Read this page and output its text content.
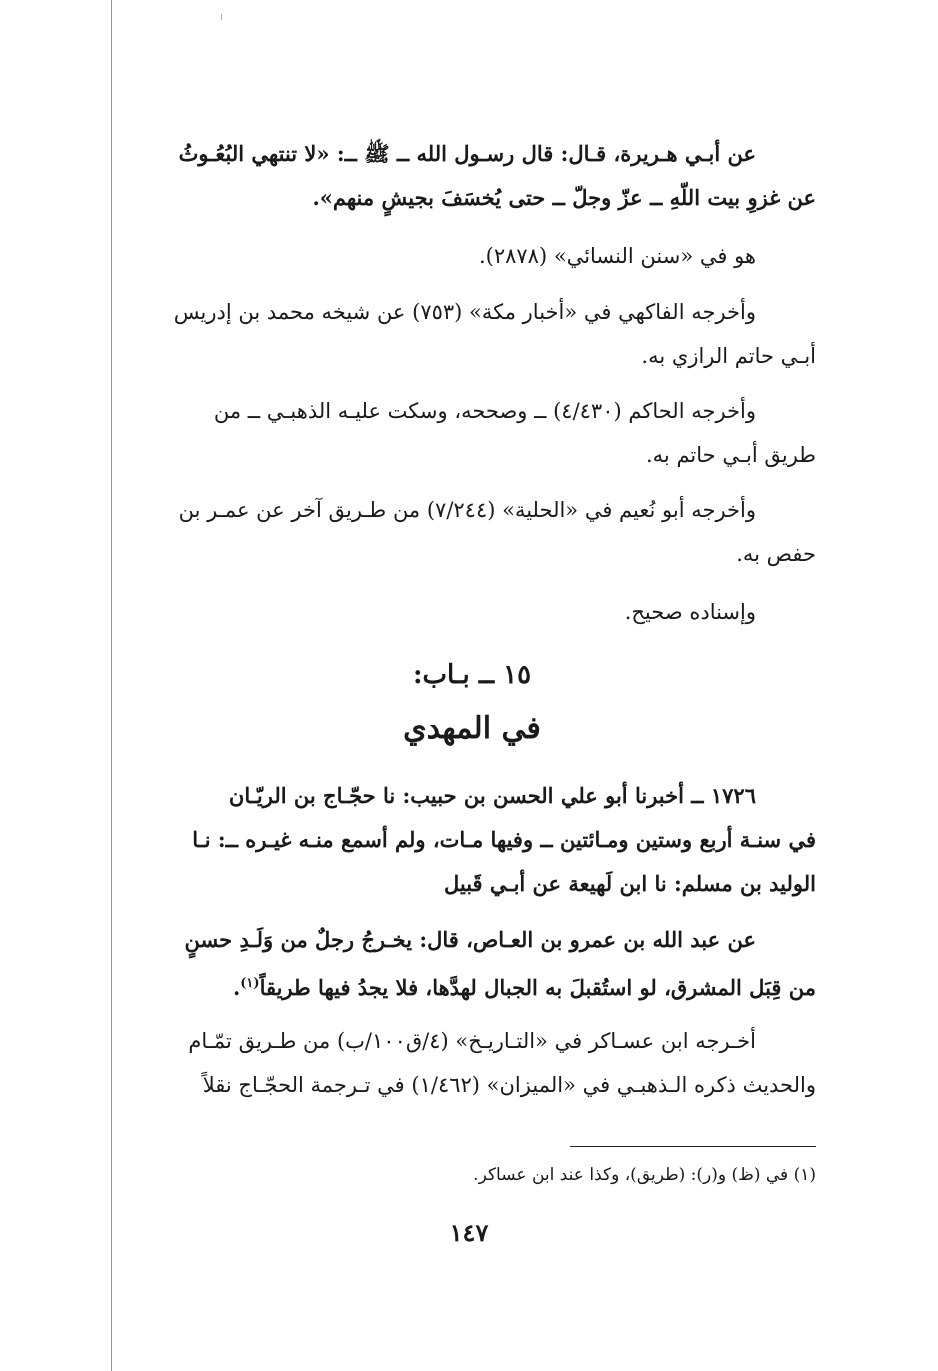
عن أبـي هـريرة، قـال: قال رسـول الله ــ ﷺ ــ: «لا تنتهي البُعُـوثُ
عن غزوِ بيت اللّهِ ــ عزّ وجلّ ــ حتى يُخسَفَ بجيشٍ منهم».
هو في «سنن النسائي» (٢٨٧٨).
وأخرجه الفاكهي في «أخبار مكة» (٧٥٣) عن شيخه محمد بن إدريس
أبـي حاتم الرازي به.
وأخرجه الحاكم (٤/٤٣٠) ــ وصححه، وسكت عليـه الذهبـي ــ من
طريق أبـي حاتم به.
وأخرجه أبو نُعيم في «الحلية» (٧/٢٤٤) من طـريق آخر عن عمـر بن
حفص به.
وإسناده صحيح.
١٥ ــ بـاب:
في المهدي
١٧٢٦ ــ أخبرنا أبو علي الحسن بن حبيب: نا حجّـاج بن الريّـان
في سنـة أربع وستين ومـائتين ــ وفيها مـات، ولم أسمع منـه غيـره ــ: نـا
الوليد بن مسلم: نا ابن لَهيعة عن أبـي قَبيل
عن عبد الله بن عمرو بن العـاص، قال: يخـرجُ رجلٌ من وَلَـدِ حسنٍ
من قِبَل المشرق، لو استُقبلَ به الجبال لهدَّها، فلا يجدُ فيها طريقاً$^{(١)}$.
أخـرجه ابن عسـاكر في «التـاريـخ» (٤/ق١٠٠/ب) من طـريق تمّـام
والحديث ذكره الـذهبـي في «الميزان» (١/٤٦٢) في تـرجمة الحجّـاج نقلاً
(١) في (ظ) و(ر): (طريق)، وكذا عند ابن عساكر.
١٤٧
